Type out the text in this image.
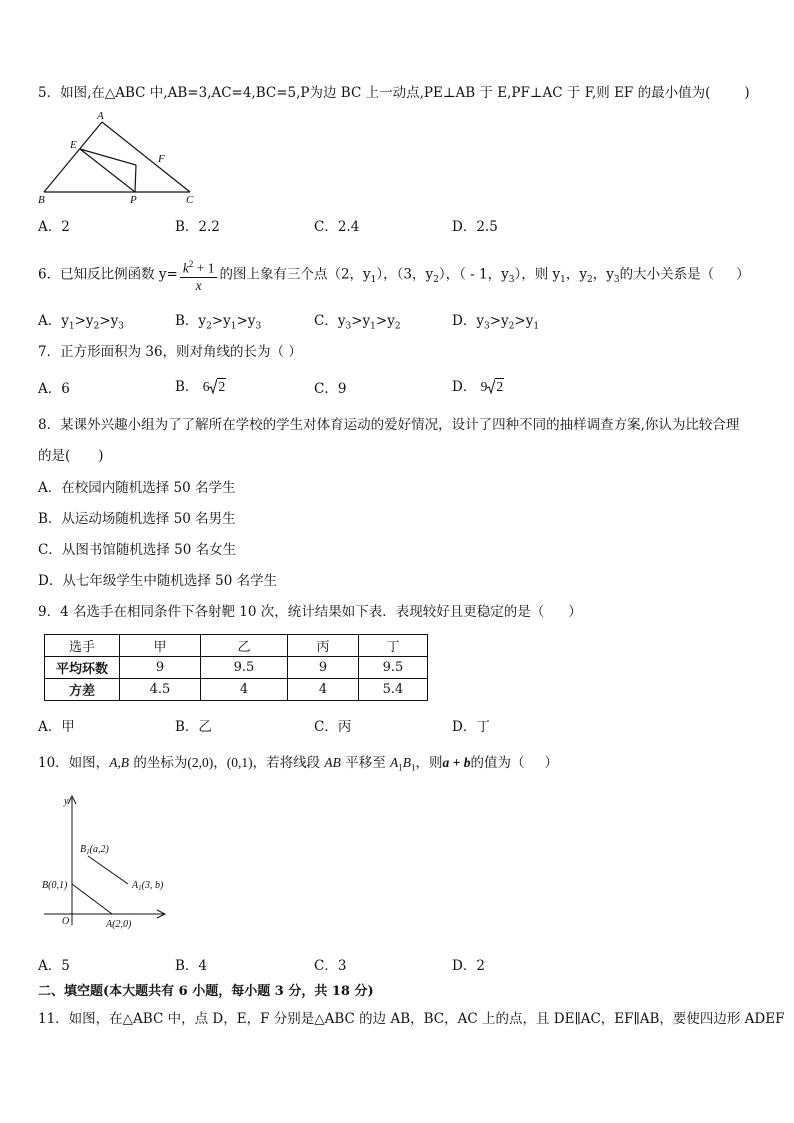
5．如图,在△ABC 中,AB=3,AC=4,BC=5,P为边 BC 上一动点,PE⊥AB 于 E,PF⊥AC 于 F,则 EF 的最小值为(	)
A
B	C
E
F
P
A．2	B．2.2	C．2.4	D．2.5
6．已知反比例函数 $y= \frac{k^2 + 1}{x}$ 的图上象有三个点（2，$y_1$），（3，$y_2$），（ - 1，$y_3$），则 $y_1$，$y_2$，$y_3$的大小关系是（ ）
A．$y_1>y_2>y_3$	B．$y_2>y_1>y_3$	C．$y_3>y_1>y_2$	D．$y_3>y_2>y_1$
7．正方形面积为 36，则对角线的长为（ ）
A．6	B． 6 2	C．9	D． 9 2
8．某课外兴趣小组为了了解所在学校的学生对体育运动的爱好情况，设计了四种不同的抽样调查方案,你认为比较合理
的是( )
A．在校园内随机选择 50 名学生
B．从运动场随机选择 50 名男生
C．从图书馆随机选择 50 名女生
D．从七年级学生中随机选择 50 名学生
9．4 名选手在相同条件下各射靶 10 次，统计结果如下表．表现较好且更稳定的是（ ）
选手	甲	乙	丙	丁
平均环数	9	9.5	9	9.5
方差	4.5	4	4	5.4
A．甲	B．乙	C．丙	D．丁
10．如图，A,B 的坐标为(2,0)，(0,1)，若将线段 AB 平移至 $A_1B_1$，则a + b的值为（ ）
y
O
B(0,1)
A(2,0)
$B_1(a,2)$
$A_1(3$, b)
A．5	B．4	C．3	D．2
二、填空题(本大题共有 6 小题，每小题 3 分，共 18 分)
11．如图，在△ABC 中，点 D，E，F 分别是△ABC 的边 AB，BC，AC 上的点，且 DE∥AC，EF∥AB，要使四边形 ADEF
